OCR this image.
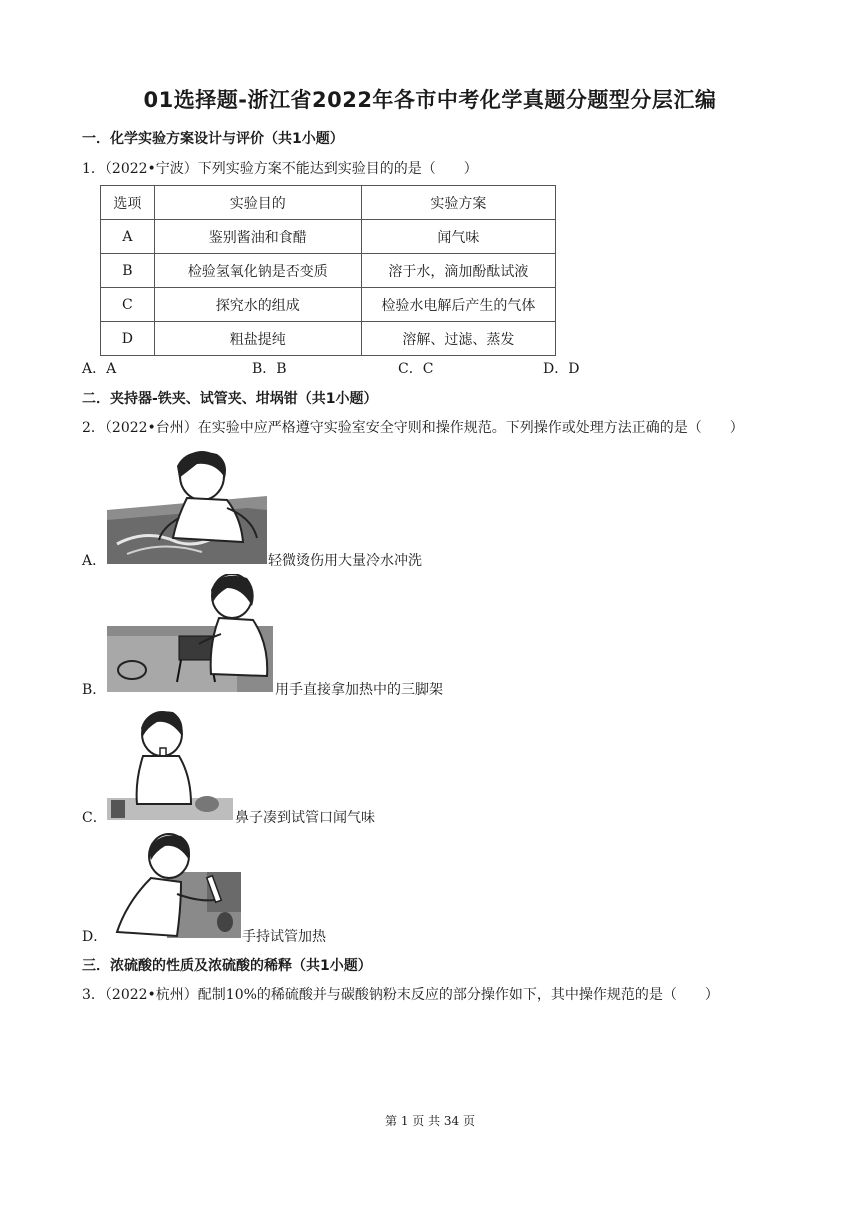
01选择题-浙江省2022年各市中考化学真题分题型分层汇编
一．化学实验方案设计与评价（共1小题）
1．（2022•宁波）下列实验方案不能达到实验目的的是（　　）
选项	实验目的	实验方案
A	鉴别酱油和食醋	闻气味
B	检验氢氧化钠是否变质	溶于水，滴加酚酞试液
C	探究水的组成	检验水电解后产生的气体
D	粗盐提纯	溶解、过滤、蒸发
A．A	B．B	C．C	D．D
二．夹持器-铁夹、试管夹、坩埚钳（共1小题）
2．（2022•台州）在实验中应严格遵守实验室安全守则和操作规范。下列操作或处理方法正确的是（　　）
A．	轻微烫伤用大量冷水冲洗
B．	用手直接拿加热中的三脚架
C．	鼻子凑到试管口闻气味
D．	手持试管加热
三．浓硫酸的性质及浓硫酸的稀释（共1小题）
3．（2022•杭州）配制10%的稀硫酸并与碳酸钠粉末反应的部分操作如下，其中操作规范的是（　　）
第 1 页 共 34 页
